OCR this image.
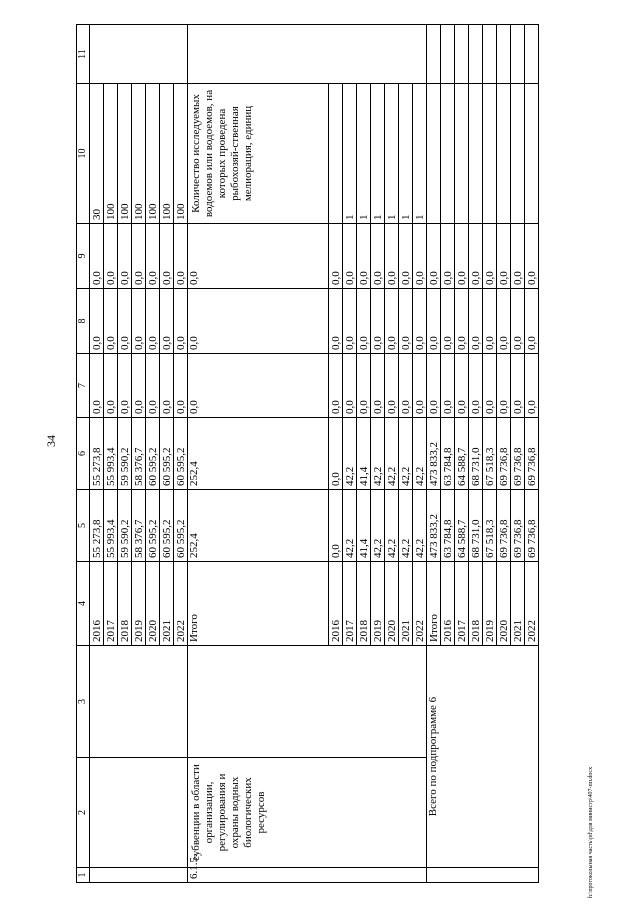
34
h:\протоколыная часть\pd\для министр\407-пп.docx
1	2	3	4	5	6	7	8	9	10	11
			2016	55 273,8	55 273,8	0,0	0,0	0,0	30	
			2017	55 993,4	55 993,4	0,0	0,0	0,0	100	
			2018	59 590,2	59 590,2	0,0	0,0	0,0	100	
			2019	58 376,7	58 376,7	0,0	0,0	0,0	100	
			2020	60 595,2	60 595,2	0,0	0,0	0,0	100	
			2021	60 595,2	60 595,2	0,0	0,0	0,0	100	
			2022	60 595,2	60 595,2	0,0	0,0	0,0	100	
6.1.5.	субвенции в области организации, регулирования и охраны водных биологических ресурсов		Итого	252,4	252,4	0,0	0,0	0,0	Количество исследуемых водоемов или водоемов, на которых проведена рыбохозяй-ственная мелиорация, единиц	
			2016	0,0	0,0	0,0	0,0	0,0		
			2017	42,2	42,2	0,0	0,0	0,0	1	
			2018	41,4	41,4	0,0	0,0	0,0	1	
			2019	42,2	42,2	0,0	0,0	0,0	1	
			2020	42,2	42,2	0,0	0,0	0,0	1	
			2021	42,2	42,2	0,0	0,0	0,0	1	
			2022	42,2	42,2	0,0	0,0	0,0	1	
	Всего по подпрограмме 6		Итого	473 833,2	473 833,2	0,0	0,0	0,0		
			2016	63 784,8	63 784,8	0,0	0,0	0,0		
			2017	64 588,7	64 588,7	0,0	0,0	0,0		
			2018	68 731,0	68 731,0	0,0	0,0	0,0		
			2019	67 518,3	67 518,3	0,0	0,0	0,0		
			2020	69 736,8	69 736,8	0,0	0,0	0,0		
			2021	69 736,8	69 736,8	0,0	0,0	0,0		
			2022	69 736,8	69 736,8	0,0	0,0	0,0		
